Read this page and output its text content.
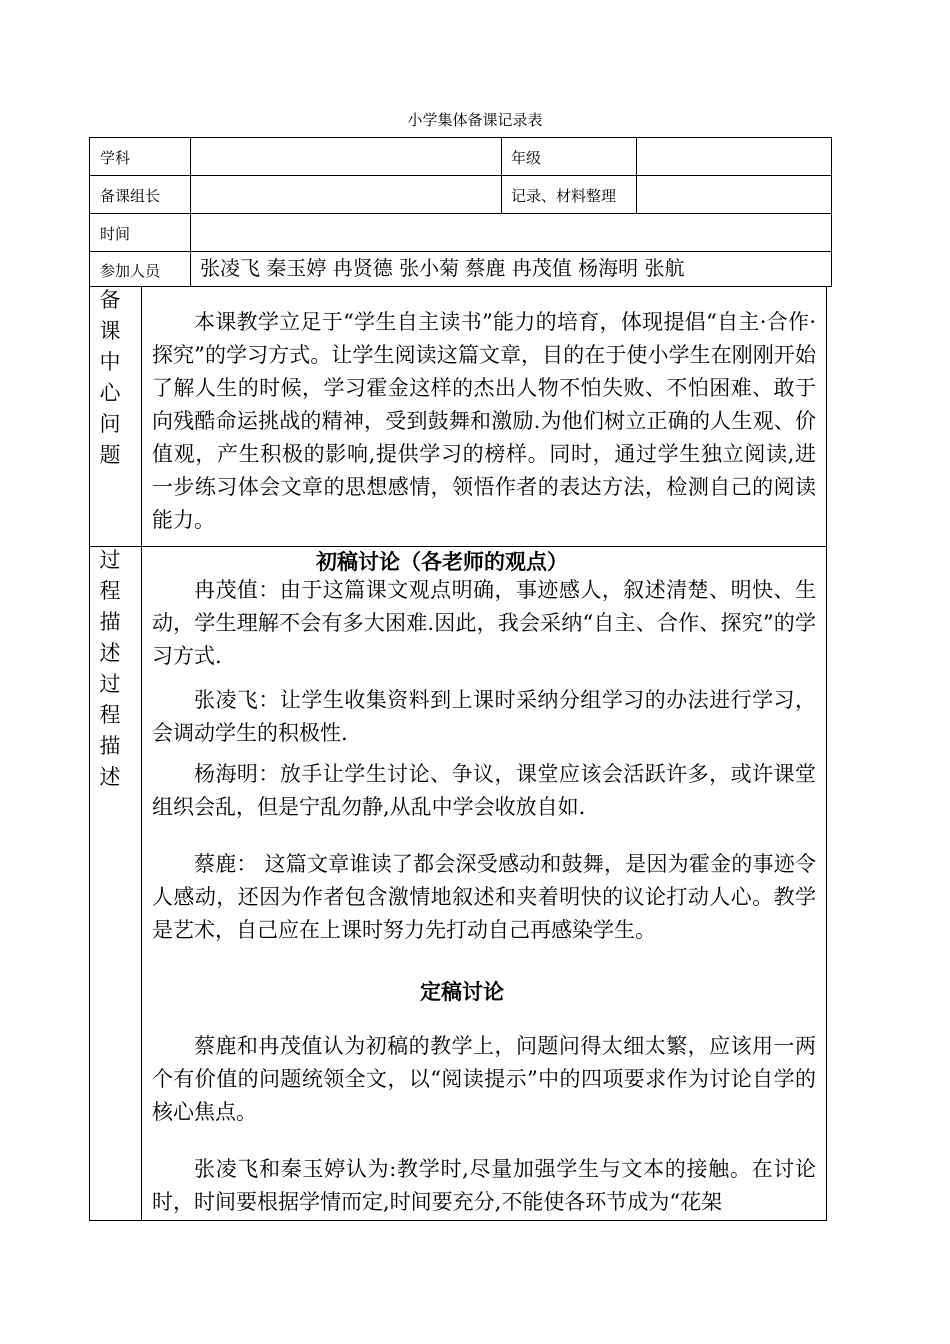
小学集体备课记录表
学科	年级
备课组长	记录、材料整理
时间
参加人员 张凌飞 秦玉婷 冉贤德 张小菊 蔡鹿 冉茂值 杨海明 张航
备
课
中
心
问
题

本课教学立足于“学生自主读书”能力的培育，体现提倡“自主·合作·探究”的学习方式。让学生阅读这篇文章，目的在于使小学生在刚刚开始了解人生的时候，学习霍金这样的杰出人物不怕失败、不怕困难、敢于向残酷命运挑战的精神，受到鼓舞和激励.为他们树立正确的人生观、价值观，产生积极的影响,提供学习的榜样。同时，通过学生独立阅读,进一步练习体会文章的思想感情，领悟作者的表达方法，检测自己的阅读能力。

过
程
描
述
过
程
描
述
初稿讨论（各老师的观点）

冉茂值：由于这篇课文观点明确，事迹感人，叙述清楚、明快、生动，学生理解不会有多大困难.因此，我会采纳“自主、合作、探究”的学习方式.

张凌飞：让学生收集资料到上课时采纳分组学习的办法进行学习，会调动学生的积极性.

杨海明：放手让学生讨论、争议，课堂应该会活跃许多，或许课堂组织会乱，但是宁乱勿静,从乱中学会收放自如.

蔡鹿： 这篇文章谁读了都会深受感动和鼓舞，是因为霍金的事迹令人感动，还因为作者包含激情地叙述和夹着明快的议论打动人心。教学是艺术，自己应在上课时努力先打动自己再感染学生。

定稿讨论

蔡鹿和冉茂值认为初稿的教学上，问题问得太细太繁，应该用一两个有价值的问题统领全文，以“阅读提示”中的四项要求作为讨论自学的核心焦点。

张凌飞和秦玉婷认为:教学时,尽量加强学生与文本的接触。在讨论时，时间要根据学情而定,时间要充分,不能使各环节成为“花架
